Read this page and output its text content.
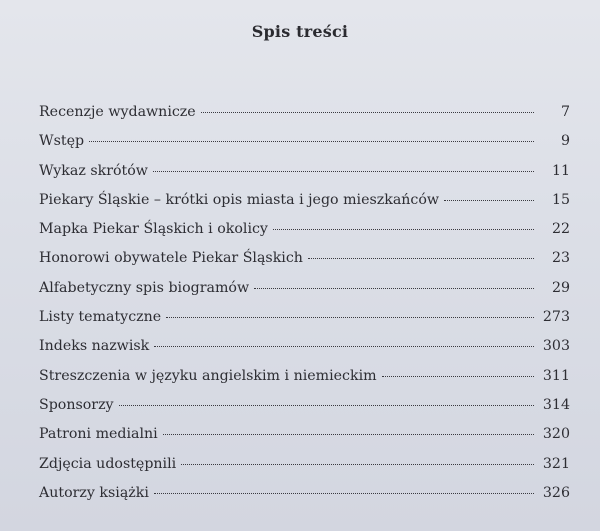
Spis treści
Recenzje wydawnicze	7
Wstęp	9
Wykaz skrótów	11
Piekary Śląskie – krótki opis miasta i jego mieszkańców	15
Mapka Piekar Śląskich i okolicy	22
Honorowi obywatele Piekar Śląskich	23
Alfabetyczny spis biogramów	29
Listy tematyczne	273
Indeks nazwisk	303
Streszczenia w języku angielskim i niemieckim	311
Sponsorzy	314
Patroni medialni	320
Zdjęcia udostępnili	321
Autorzy książki	326
